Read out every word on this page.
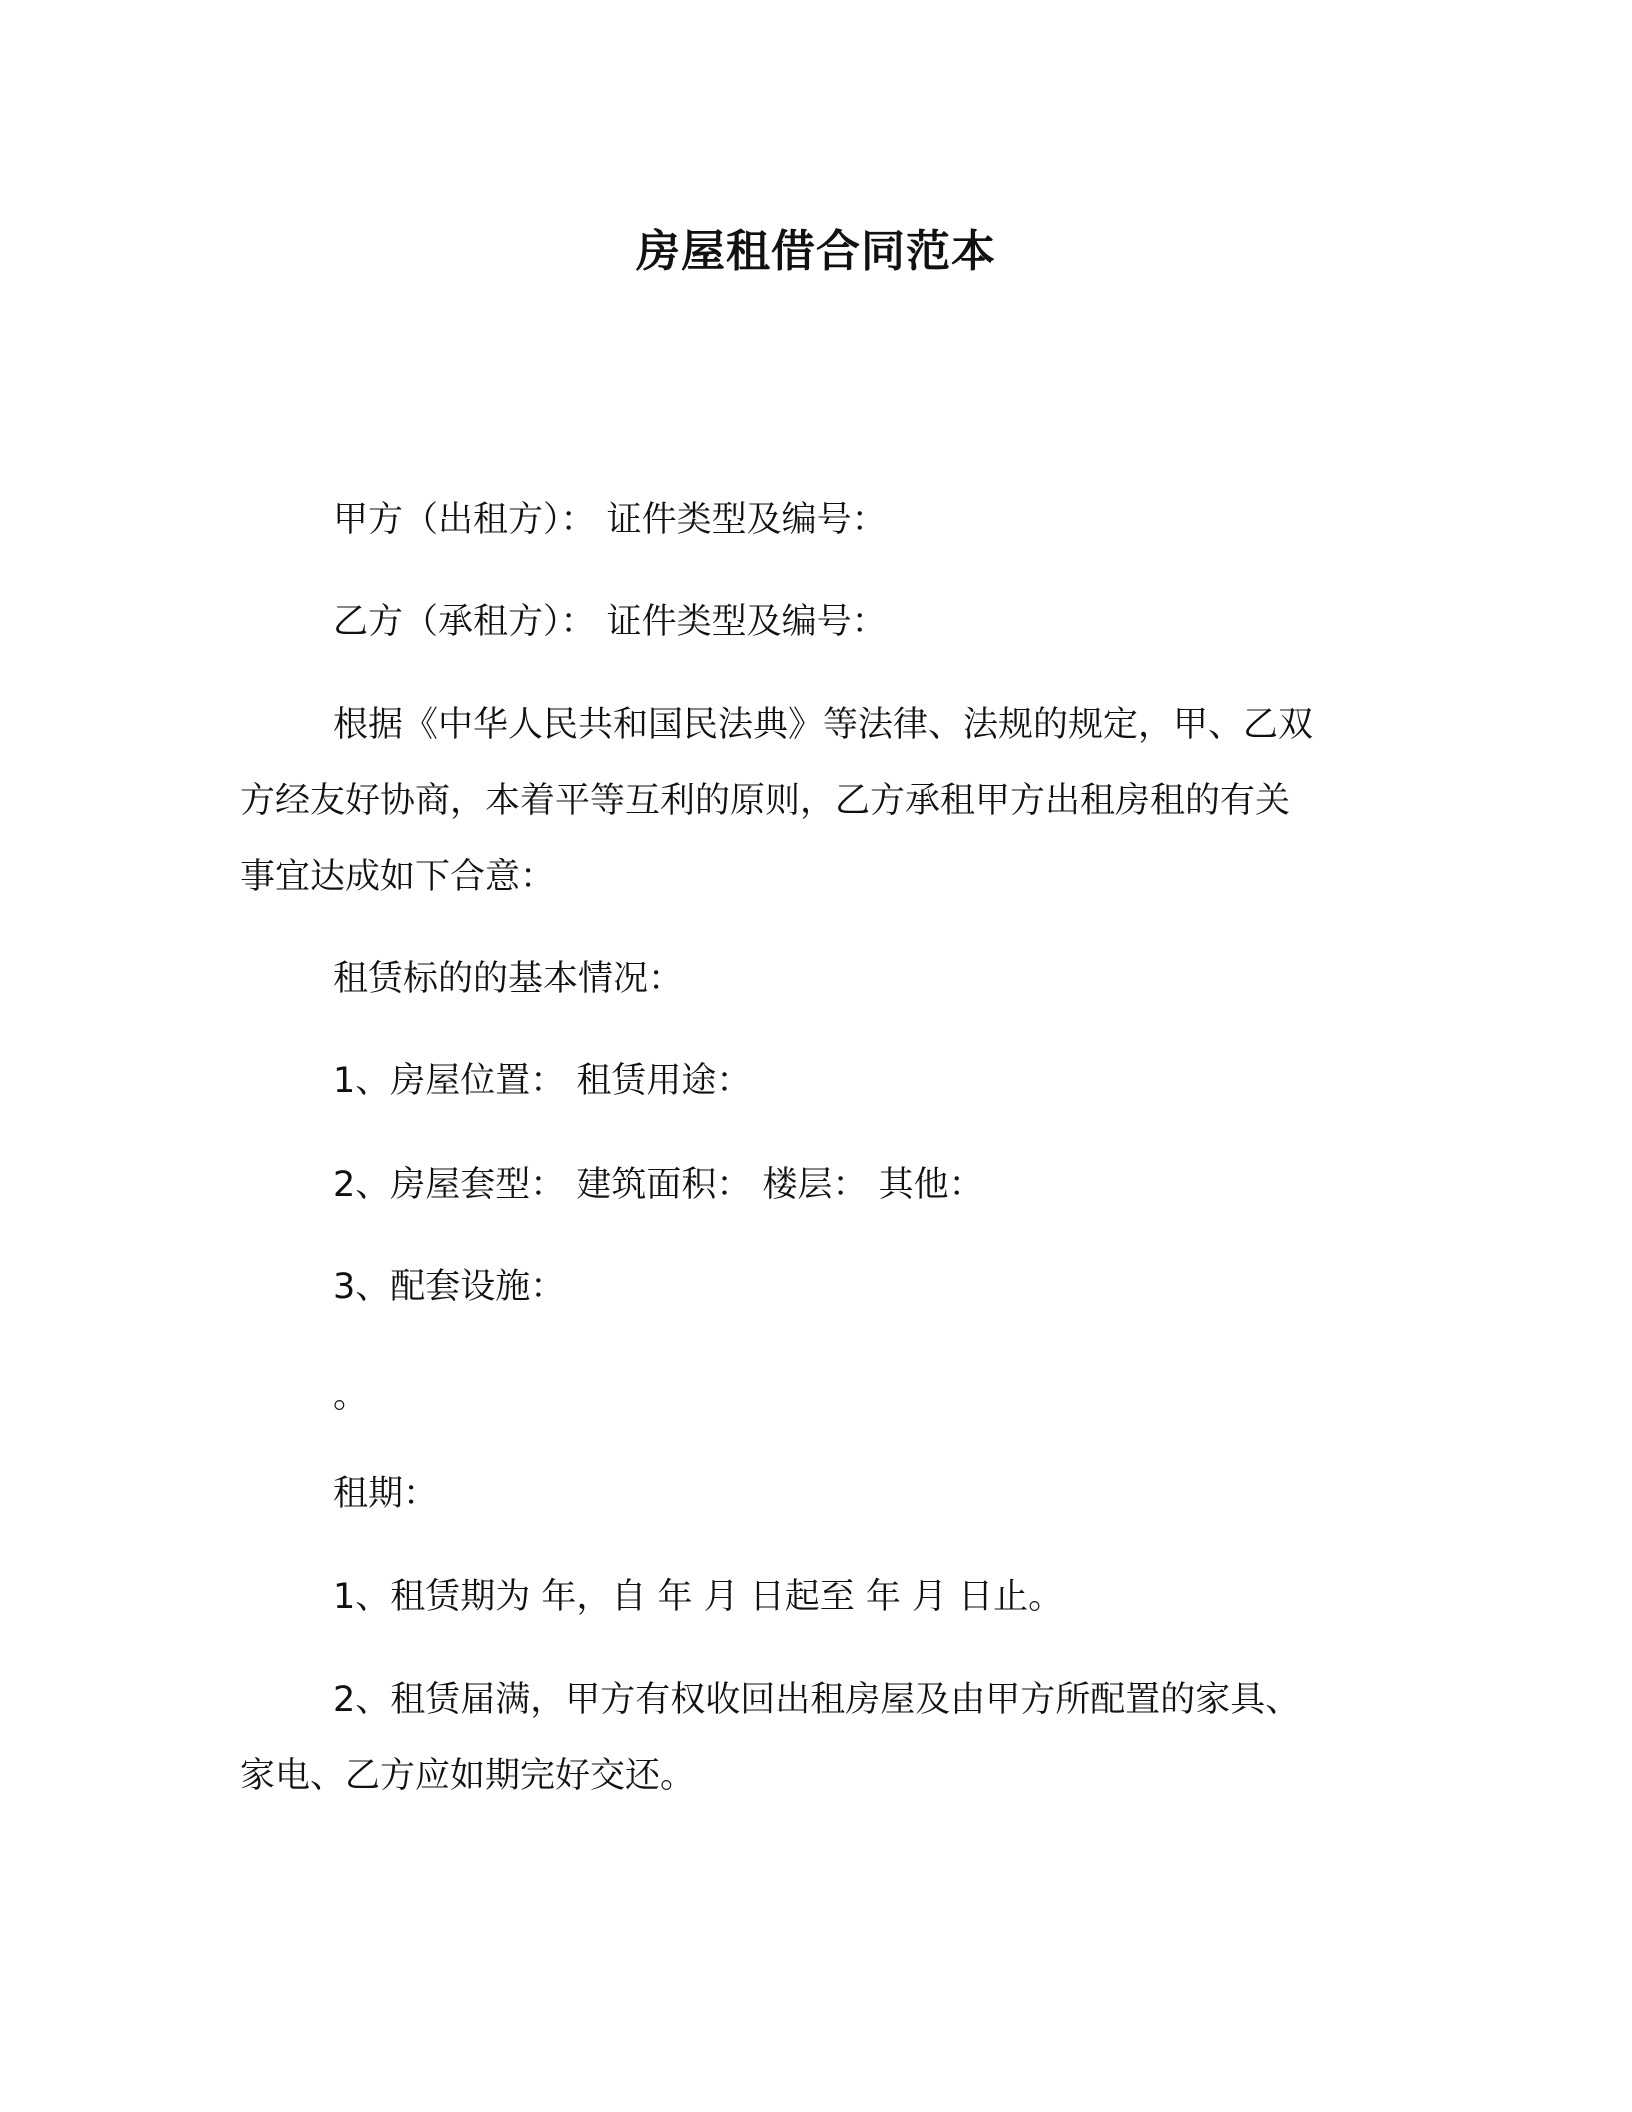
房屋租借合同范本
甲方（出租方）： 证件类型及编号：
乙方（承租方）： 证件类型及编号：
根据《中华人民共和国民法典》等法律、法规的规定，甲、乙双
方经友好协商，本着平等互利的原则，乙方承租甲方出租房租的有关
事宜达成如下合意：
租赁标的的基本情况：
1、房屋位置： 租赁用途：
2、房屋套型： 建筑面积： 楼层： 其他：
3、配套设施：
。
租期：
1、租赁期为 年，自 年 月 日起至 年 月 日止。
2、租赁届满，甲方有权收回出租房屋及由甲方所配置的家具、
家电、乙方应如期完好交还。
